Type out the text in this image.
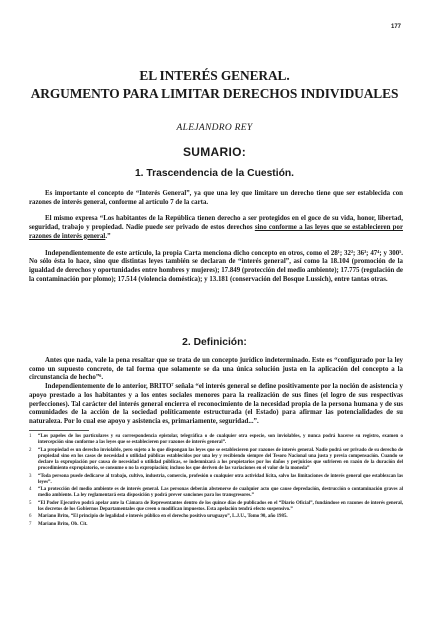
177
EL INTERÉS GENERAL.
ARGUMENTO PARA LIMITAR DERECHOS INDIVIDUALES
ALEJANDRO REY
SUMARIO:
1. Trascendencia de la Cuestión.

Es importante el concepto de “Interés General”, ya que una ley que limitare un derecho tiene que ser establecida con razones de interés general, conforme al artículo 7 de la carta.

El mismo expresa “Los habitantes de la República tienen derecho a ser protegidos en el goce de su vida, honor, libertad, seguridad, trabajo y propiedad. Nadie puede ser privado de estos derechos sino conforme a las leyes que se establecieren por razones de interés general.”

Independientemente de este artículo, la propia Carta menciona dicho concepto en otros, como el 28¹; 32²; 36³; 47⁴; y 300⁵. No sólo ésta lo hace, sino que distintas leyes también se declaran de “interés general”, así como la 18.104 (promoción de la igualdad de derechos y oportunidades entre hombres y mujeres); 17.849 (protección del medio ambiente); 17.775 (regulación de la contaminación por plomo); 17.514 (violencia doméstica); y 13.181 (conservación del Bosque Lussich), entre tantas otras.

2. Definición:

Antes que nada, vale la pena resaltar que se trata de un concepto jurídico indeterminado. Este es “configurado por la ley como un supuesto concreto, de tal forma que solamente se da una única solución justa en la aplicación del concepto a la circunstancia de hecho”⁶.

Independientemente de lo anterior, BRITO⁷ señala “el interés general se define positivamente por la noción de asistencia y apoyo prestado a los habitantes y a los entes sociales menores para la realización de sus fines (el logro de sus respectivas perfecciones). Tal carácter del interés general encierra el reconocimiento de la necesidad propia de la persona humana y de sus comunidades de la acción de la sociedad políticamente estructurada (el Estado) para afirmar las potencialidades de su naturaleza. Por lo cual ese apoyo y asistencia es, primariamente, seguridad...”.

1 “Los papeles de los particulares y su correspondencia epistolar, telegráfica o de cualquier otra especie, son inviolables, y nunca podrá hacerse su registro, examen o intercepción sino conforme a las leyes que se establecieren por razones de interés general”.
2 “La propiedad es un derecho inviolable, pero sujeto a lo que dispongan las leyes que se establecieren por razones de interés general. Nadie podrá ser privado de su derecho de propiedad sino en los casos de necesidad o utilidad públicas establecidos por una ley y recibiendo siempre del Tesoro Nacional una justa y previa compensación. Cuando se declare la expropiación por causa de necesidad o utilidad públicas, se indemnizará a los propietarios por los daños y perjuicios que sufrieren en razón de la duración del procedimiento expropiatorio, se consume o no la expropiación; incluso los que deriven de las variaciones en el valor de la moneda”
3 “Toda persona puede dedicarse al trabajo, cultivo, industria, comercio, profesión o cualquier otra actividad lícita, salvo las limitaciones de interés general que establezcan las leyes”.
4 “La protección del medio ambiente es de interés general. Las personas deberán abstenerse de cualquier acto que cause depredación, destrucción o contaminación graves al medio ambiente. La ley reglamentará esta disposición y podrá prever sanciones para los transgresores.”
5 “El Poder Ejecutivo podrá apelar ante la Cámara de Representantes dentro de los quince días de publicados en el “Diario Oficial”, fundándose en razones de interés general, los decretos de los Gobiernos Departamentales que creen o modifican impuestos. Esta apelación tendrá efecto suspensivo.”
6 Mariano Brito, “El principio de legalidad e interés público en el derecho positivo uruguayo”, L.J.U., Tomo 90, año 1985.
7 Mariano Brito, Ob. Cit.
